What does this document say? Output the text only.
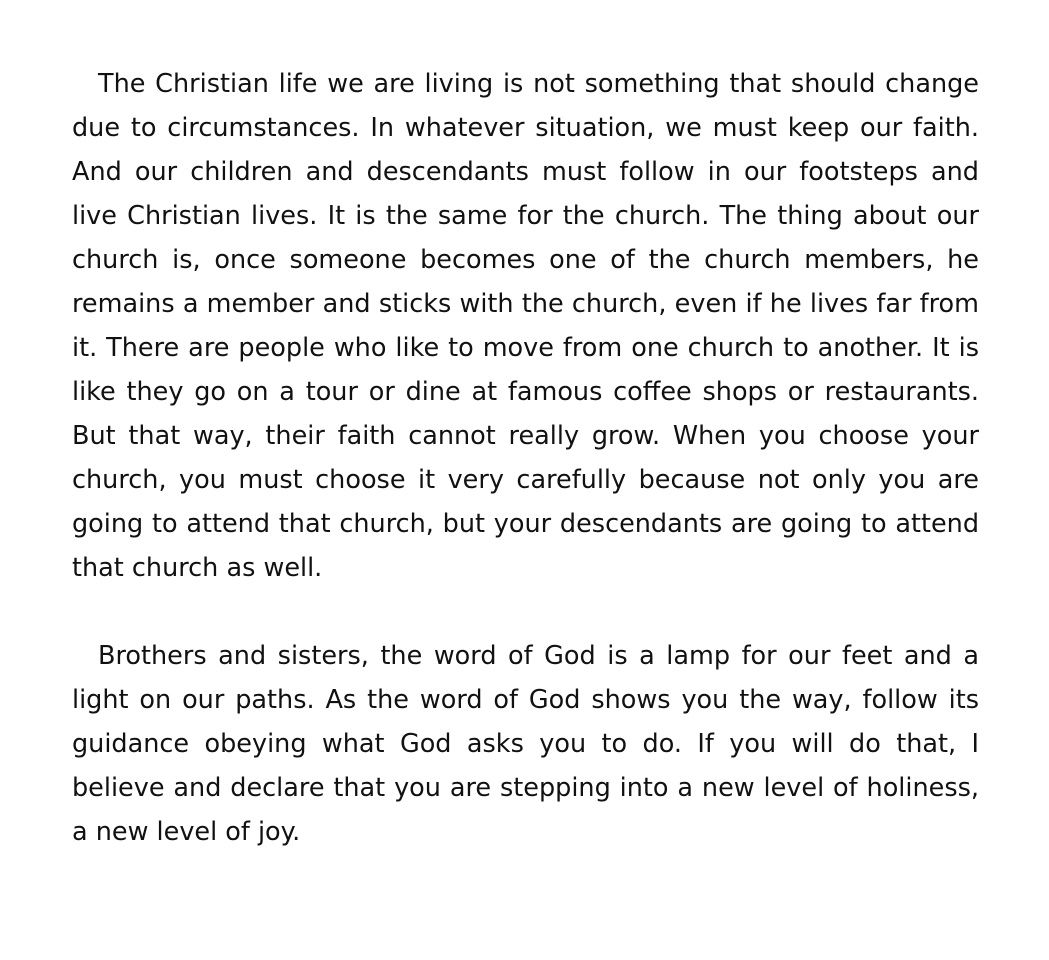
The Christian life we are living is not something that should change due to circumstances. In whatever situation, we must keep our faith. And our children and descendants must follow in our footsteps and live Christian lives. It is the same for the church. The thing about our church is, once someone becomes one of the church members, he remains a member and sticks with the church, even if he lives far from it. There are people who like to move from one church to another. It is like they go on a tour or dine at famous coffee shops or restaurants. But that way, their faith cannot really grow. When you choose your church, you must choose it very carefully because not only you are going to attend that church, but your descendants are going to attend that church as well.

Brothers and sisters, the word of God is a lamp for our feet and a light on our paths. As the word of God shows you the way, follow its guidance obeying what God asks you to do. If you will do that, I believe and declare that you are stepping into a new level of holiness, a new level of joy.
